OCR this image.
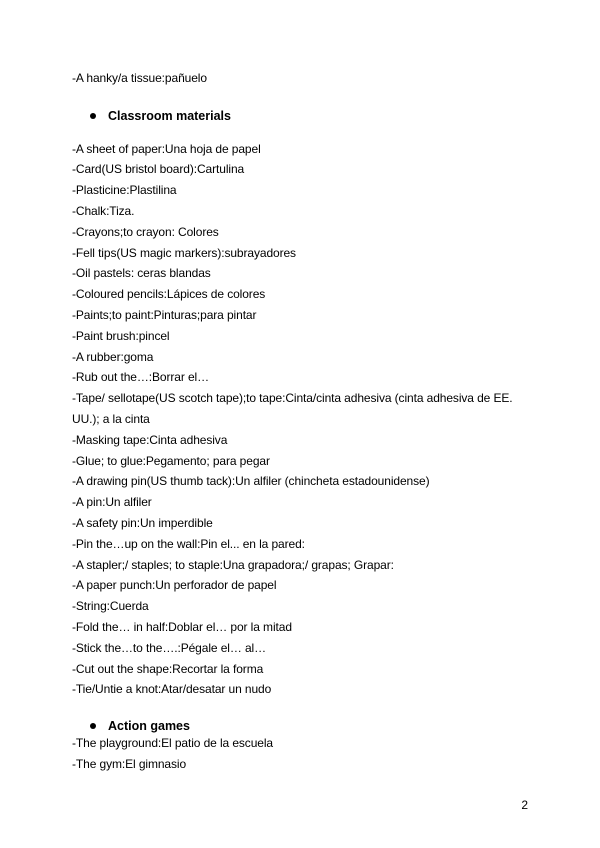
-A hanky/a tissue:pañuelo
Classroom materials
-A sheet of paper:Una hoja de papel
-Card(US bristol board):Cartulina
-Plasticine:Plastilina
-Chalk:Tiza.
-Crayons;to crayon: Colores
-Fell tips(US magic markers):subrayadores
-Oil pastels: ceras blandas
-Coloured pencils:Lápices de colores
-Paints;to paint:Pinturas;para pintar
-Paint brush:pincel
-A rubber:goma
-Rub out the…:Borrar el…
-Tape/ sellotape(US scotch tape);to tape:Cinta/cinta adhesiva (cinta adhesiva de EE. UU.); a la cinta
-Masking tape:Cinta adhesiva
-Glue; to glue:Pegamento; para pegar
-A drawing pin(US thumb tack):Un alfiler (chincheta estadounidense)
-A pin:Un alfiler
-A safety pin:Un imperdible
-Pin the…up on the wall:Pin el... en la pared:
-A stapler;/ staples; to staple:Una grapadora;/ grapas; Grapar:
-A paper punch:Un perforador de papel
-String:Cuerda
-Fold the… in half:Doblar el… por la mitad
-Stick the…to the….:Pégale el… al…
-Cut out the shape:Recortar la forma
-Tie/Untie a knot:Atar/desatar un nudo
Action games
-The playground:El patio de la escuela
-The gym:El gimnasio
2
